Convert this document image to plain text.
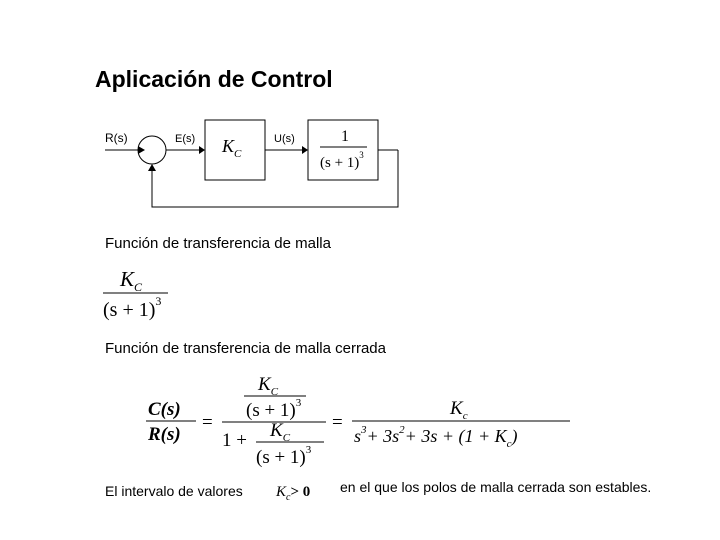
Aplicación de Control
R(s)	E(s) $K_C$
U(s)	1
$(s + 1)^3$
Función de transferencia de malla
$K_C$
$(s + 1)^3$
Función de transferencia de malla cerrada
C(s)
R(s)
=
$K_C$
$(s + 1)^3$
$1 + K_C$
$(s + 1)^3$
=
$K_c$
$s^3+ 3s^2+ 3s + (1 + K_c)$
El intervalo de valores $K_c> 0$ en el que los polos de malla cerrada son estables.
